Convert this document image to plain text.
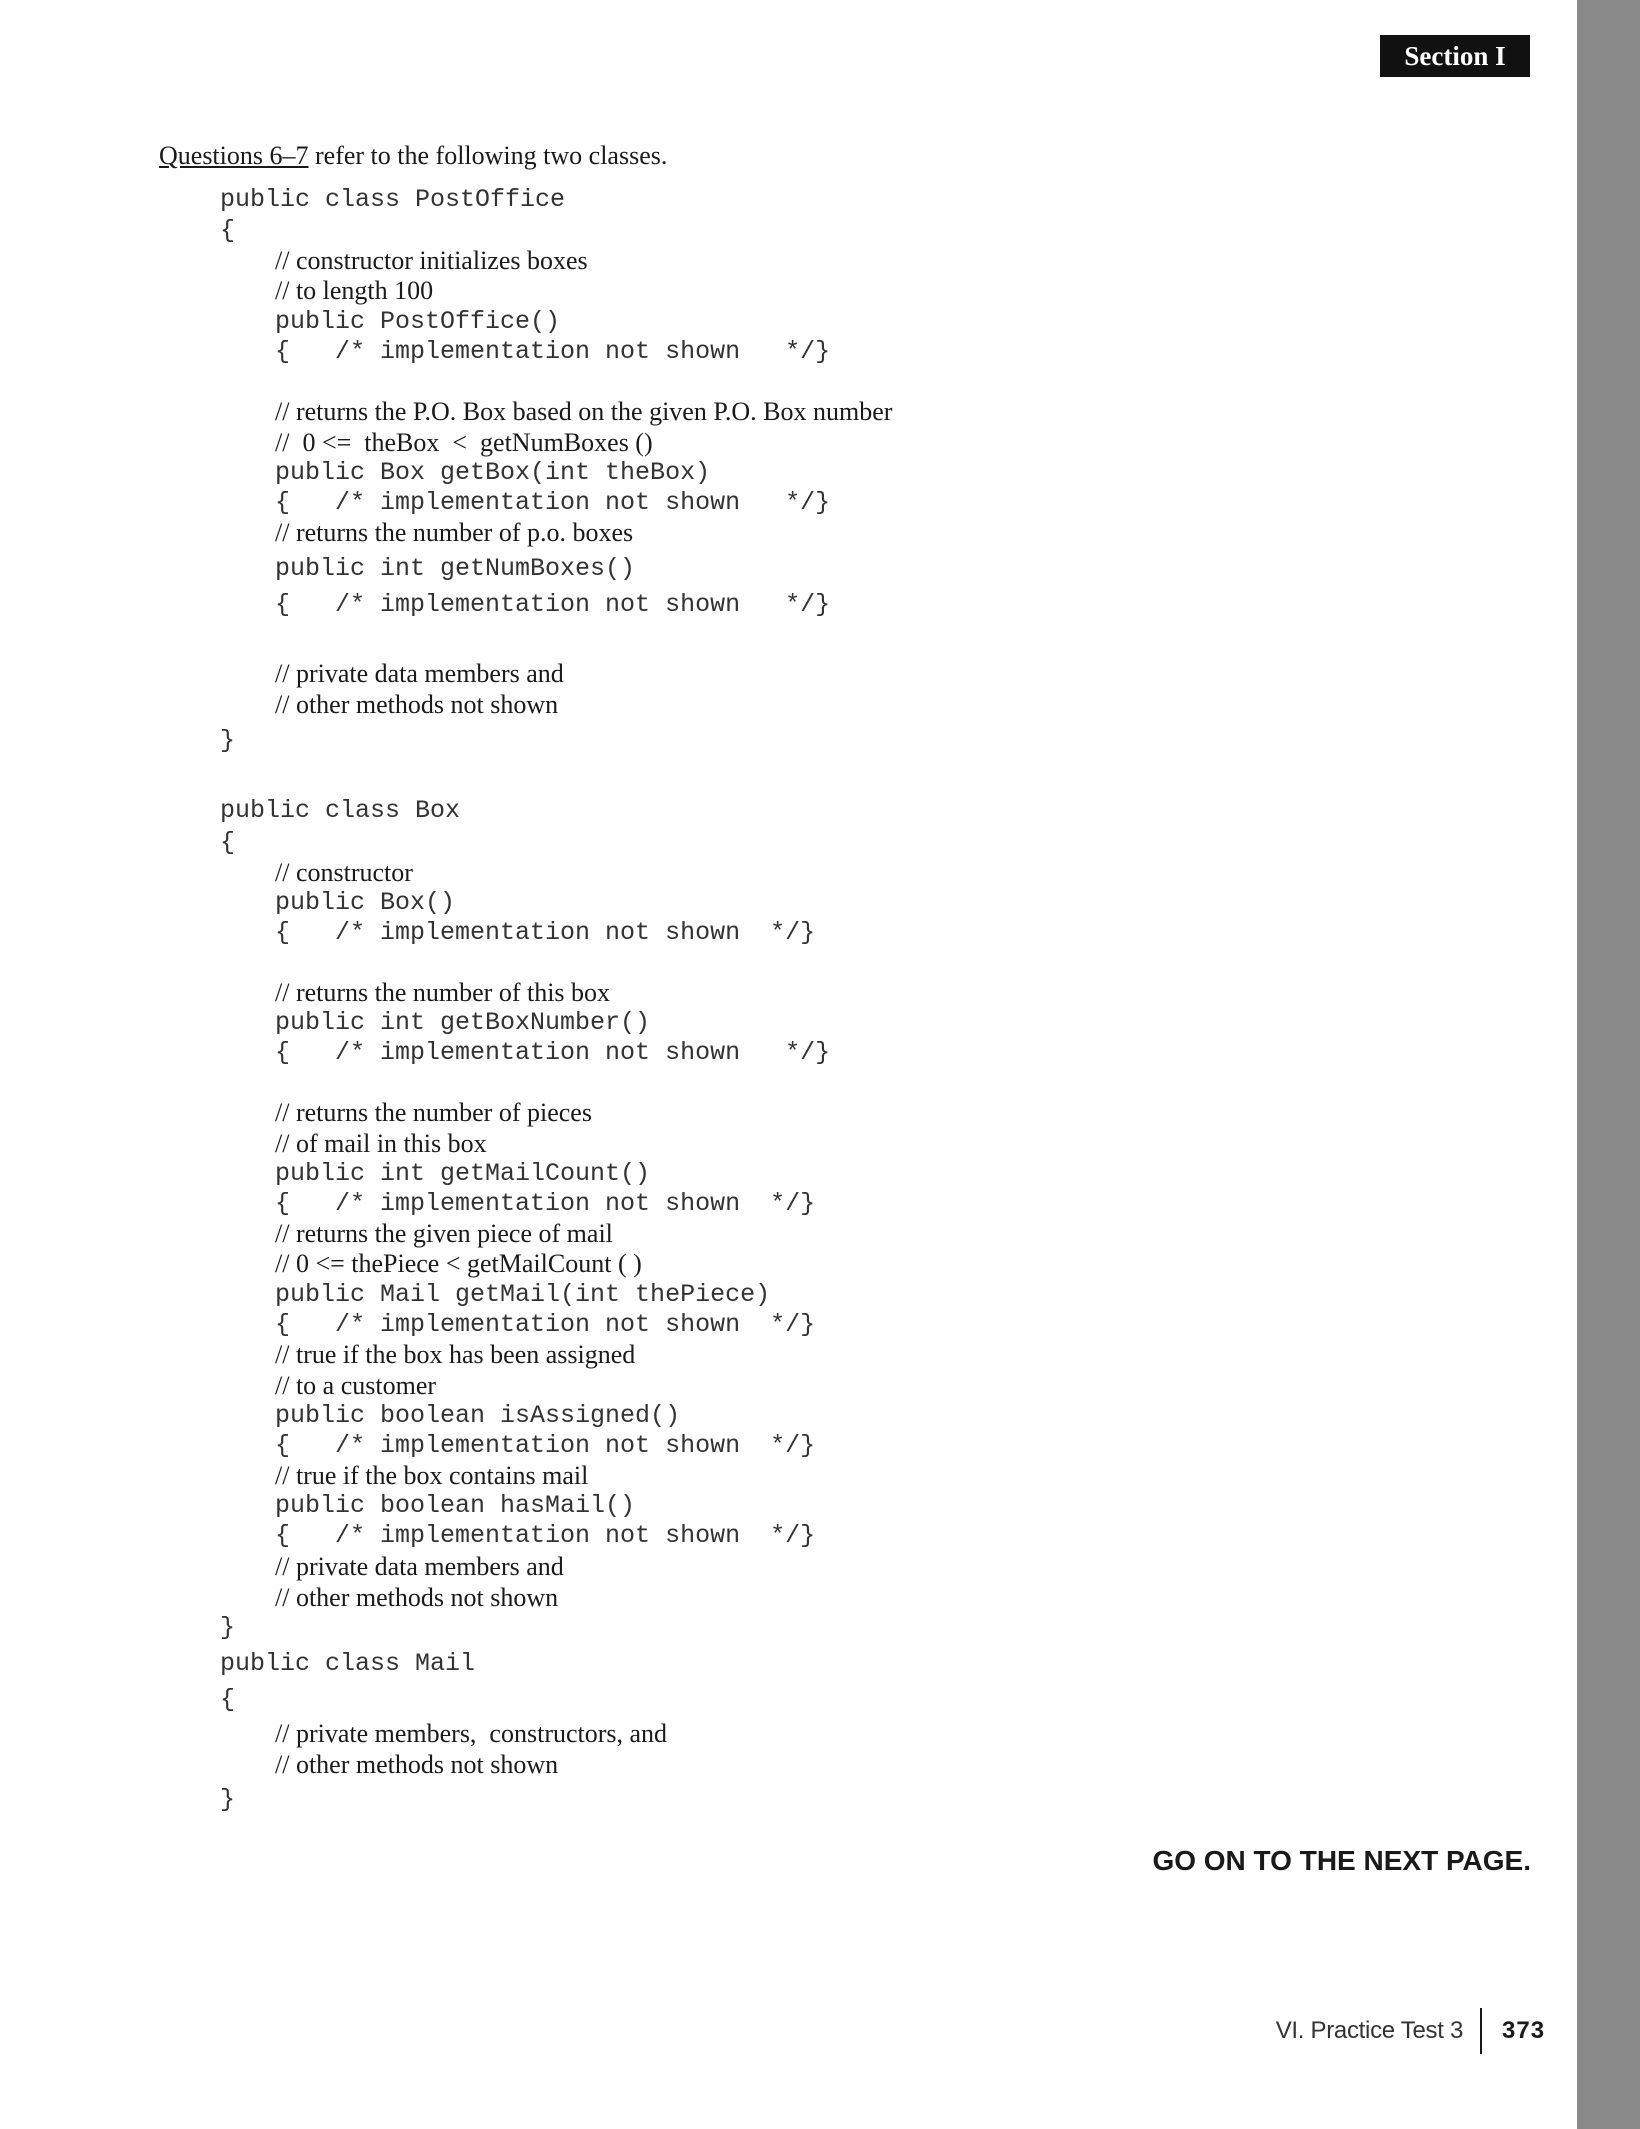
Section I
Questions 6–7 refer to the following two classes.
public class PostOffice
{
// constructor initializes boxes
// to length 100
public PostOffice()
{   /* implementation not shown   */}
// returns the P.O. Box based on the given P.O. Box number
//  0 <=  theBox  <  getNumBoxes ()
public Box getBox(int theBox)
{   /* implementation not shown   */}
// returns the number of p.o. boxes
public int getNumBoxes()
{   /* implementation not shown   */}
// private data members and
// other methods not shown
}
public class Box
{
// constructor
public Box()
{   /* implementation not shown  */}
// returns the number of this box
public int getBoxNumber()
{   /* implementation not shown   */}
// returns the number of pieces
// of mail in this box
public int getMailCount()
{   /* implementation not shown  */}
// returns the given piece of mail
// 0 <= thePiece < getMailCount ( )
public Mail getMail(int thePiece)
{   /* implementation not shown  */}
// true if the box has been assigned
// to a customer
public boolean isAssigned()
{   /* implementation not shown  */}
// true if the box contains mail
public boolean hasMail()
{   /* implementation not shown  */}
// private data members and
// other methods not shown
}
public class Mail
{
// private members,  constructors, and
// other methods not shown
}
GO ON TO THE NEXT PAGE.
VI. Practice Test 3 373
